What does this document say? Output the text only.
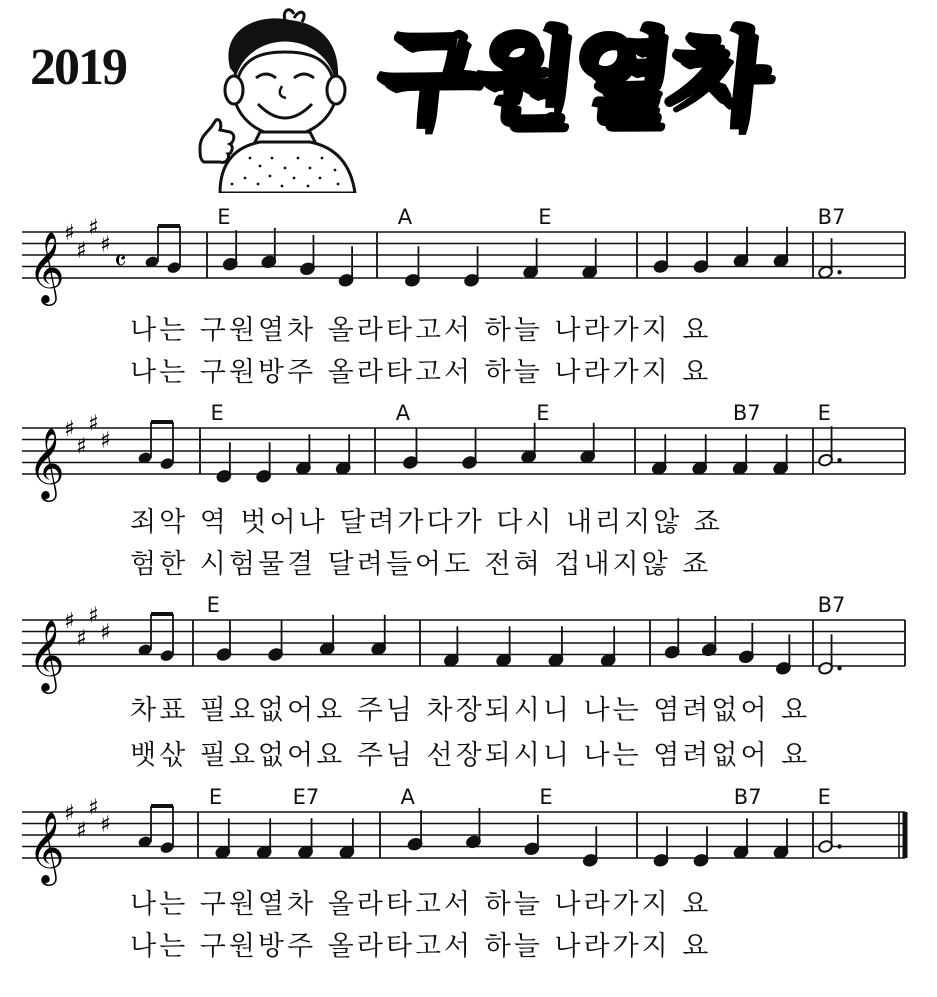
2019 구원열차
𝄞 ♯
♯
♯
♯ 𝄴
𝄞 ♯
♯
♯
♯
𝄞 ♯
♯
♯
♯
𝄞 ♯
♯
♯
♯
E	A	E	B7
나는 구원열차 올라타고서 하늘 나라가지 요
나는 구원방주 올라타고서 하늘 나라가지 요
E	A	E	B7	E
죄악 역 벗어나 달려가다가 다시 내리지않 죠
험한 시험물결 달려들어도 전혀 겁내지않 죠
E	B7
차표 필요없어요 주님 차장되시니 나는 염려없어 요
뱃삯 필요없어요 주님 선장되시니 나는 염려없어 요
E	E7	A	E	B7	E
나는 구원열차 올라타고서 하늘 나라가지 요
나는 구원방주 올라타고서 하늘 나라가지 요
